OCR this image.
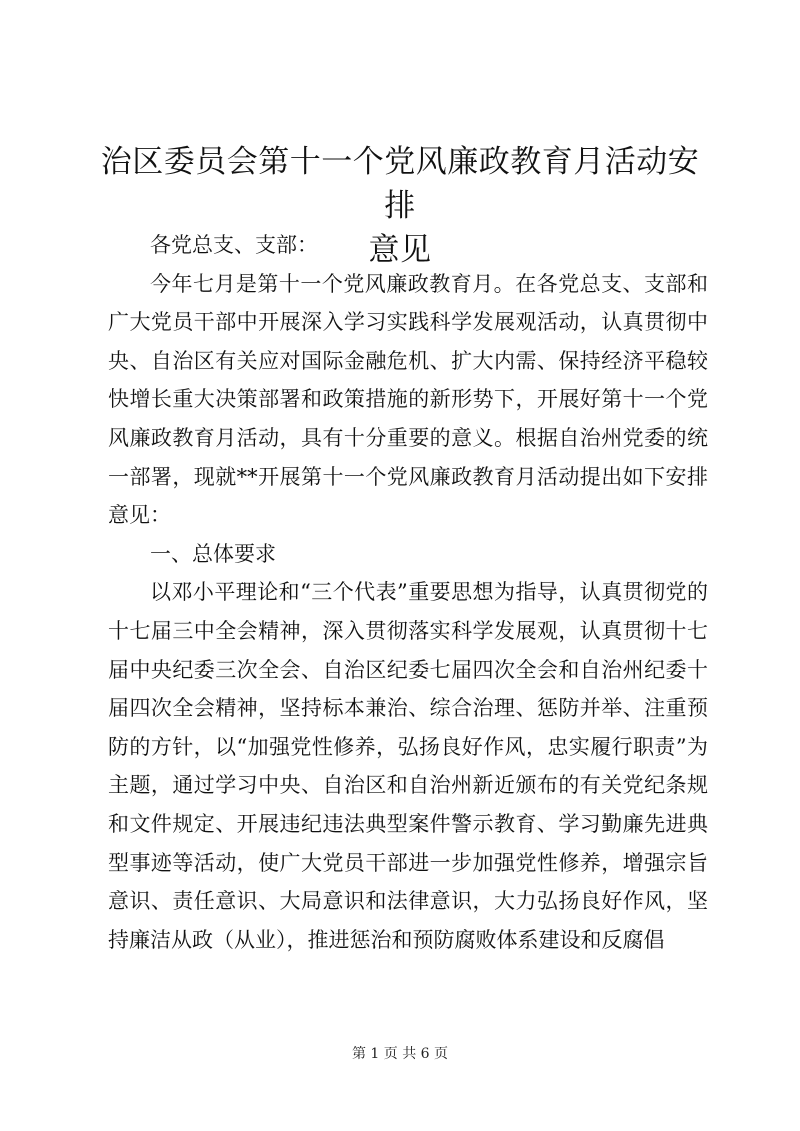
治区委员会第十一个党风廉政教育月活动安排
意见

各党总支、支部：

今年七月是第十一个党风廉政教育月。在各党总支、支部和广大党员干部中开展深入学习实践科学发展观活动，认真贯彻中央、自治区有关应对国际金融危机、扩大内需、保持经济平稳较快增长重大决策部署和政策措施的新形势下，开展好第十一个党风廉政教育月活动，具有十分重要的意义。根据自治州党委的统一部署，现就**开展第十一个党风廉政教育月活动提出如下安排意见：

一、总体要求

以邓小平理论和“三个代表”重要思想为指导，认真贯彻党的十七届三中全会精神，深入贯彻落实科学发展观，认真贯彻十七届中央纪委三次全会、自治区纪委七届四次全会和自治州纪委十届四次全会精神，坚持标本兼治、综合治理、惩防并举、注重预防的方针，以“加强党性修养，弘扬良好作风，忠实履行职责”为主题，通过学习中央、自治区和自治州新近颁布的有关党纪条规和文件规定、开展违纪违法典型案件警示教育、学习勤廉先进典型事迹等活动，使广大党员干部进一步加强党性修养，增强宗旨意识、责任意识、大局意识和法律意识，大力弘扬良好作风，坚持廉洁从政（从业），推进惩治和预防腐败体系建设和反腐倡

第 1 页 共 6 页
